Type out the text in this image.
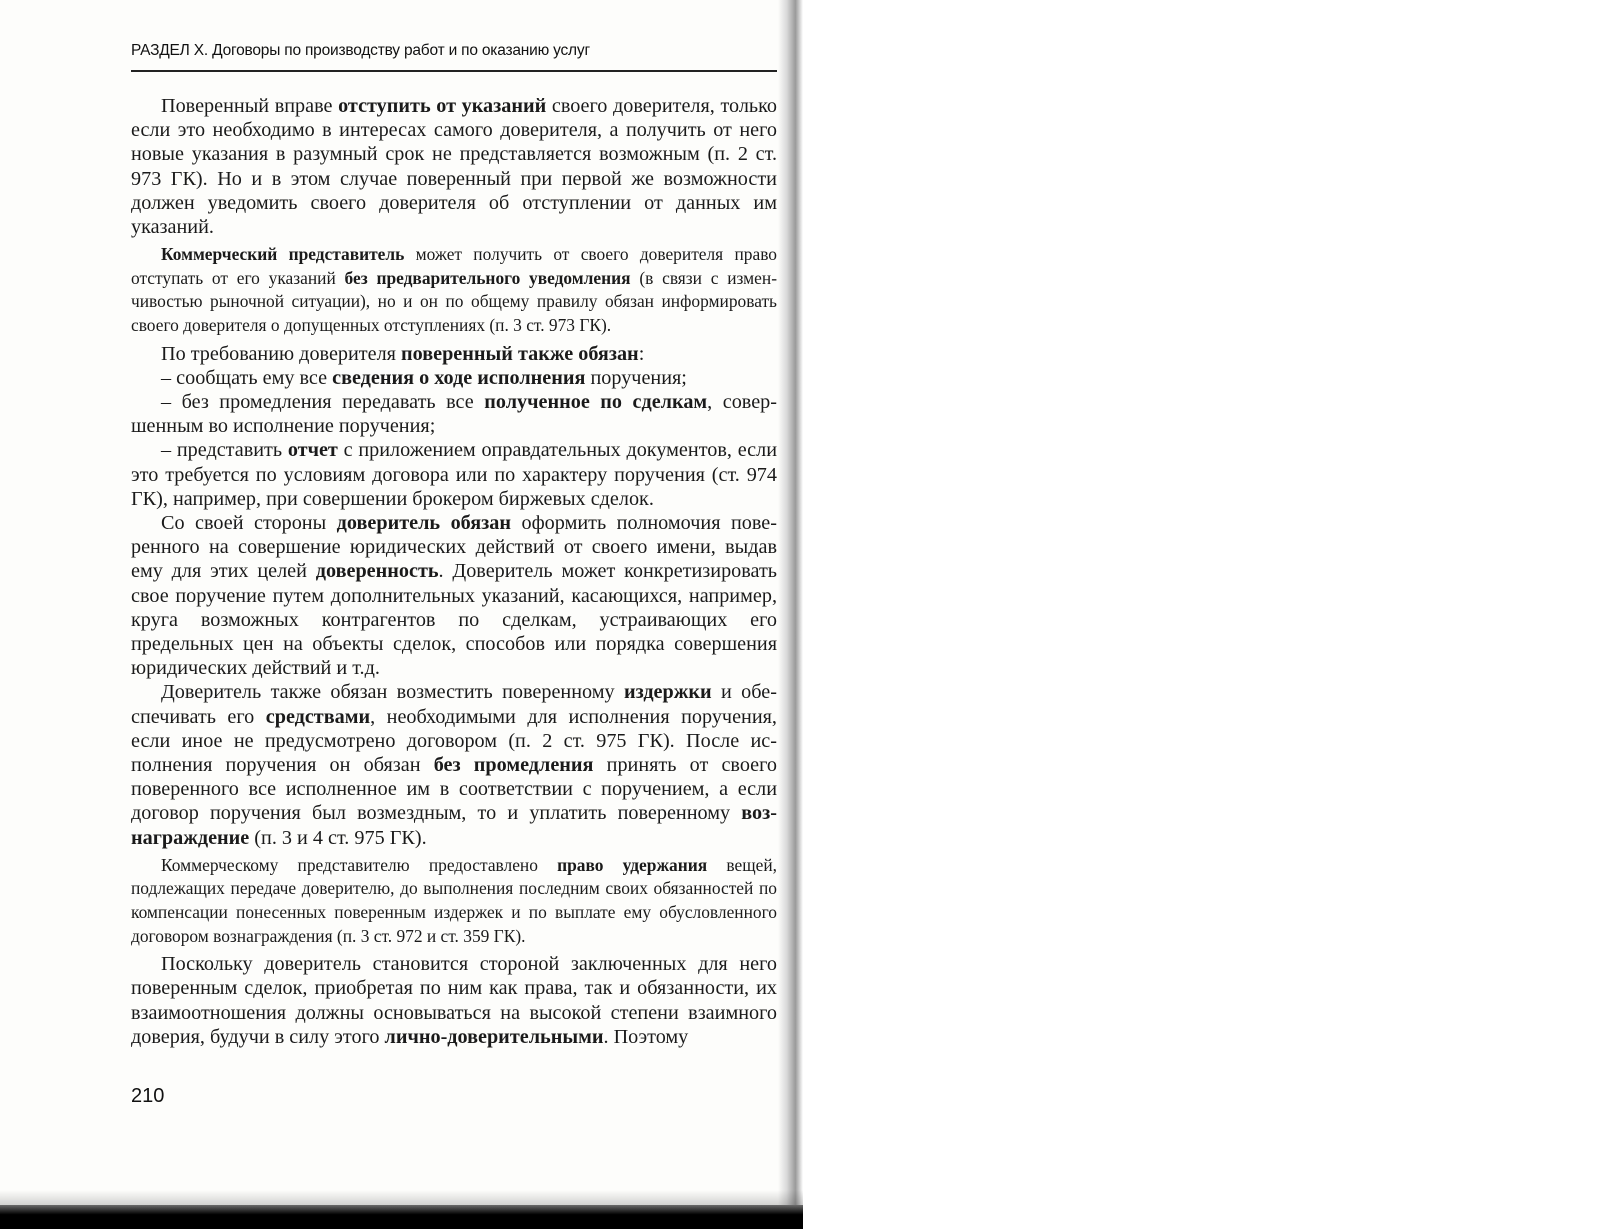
РАЗДЕЛ Х. Договоры по производству работ и по оказанию услуг

Поверенный вправе отступить от указаний своего доверителя, только если это необходимо в интересах самого доверителя, а получить от него новые указания в разумный срок не представляется возможным (п. 2 ст. 973 ГК). Но и в этом случае поверенный при первой же возможности должен уведомить своего доверителя об отступлении от данных им указаний.

Коммерческий представитель может получить от своего доверителя право отступать от его указаний без предварительного уведомления (в связи с изменчивостью рыночной ситуации), но и он по общему правилу обязан информировать своего доверителя о допущенных отступлениях (п. 3 ст. 973 ГК).

По требованию доверителя поверенный также обязан:

– сообщать ему все сведения о ходе исполнения поручения;

– без промедления передавать все полученное по сделкам, совершенным во исполнение поручения;

– представить отчет с приложением оправдательных документов, если это требуется по условиям договора или по характеру поручения (ст. 974 ГК), например, при совершении брокером биржевых сделок.

Со своей стороны доверитель обязан оформить полномочия поверенного на совершение юридических действий от своего имени, выдав ему для этих целей доверенность. Доверитель может конкретизировать свое поручение путем дополнительных указаний, касающихся, например, круга возможных контрагентов по сделкам, устраивающих его предельных цен на объекты сделок, способов или порядка совершения юридических действий и т.д.

Доверитель также обязан возместить поверенному издержки и обеспечивать его средствами, необходимыми для исполнения поручения, если иное не предусмотрено договором (п. 2 ст. 975 ГК). После исполнения поручения он обязан без промедления принять от своего поверенного все исполненное им в соответствии с поручением, а если договор поручения был возмездным, то и уплатить поверенному вознаграждение (п. 3 и 4 ст. 975 ГК).

Коммерческому представителю предоставлено право удержания вещей, подлежащих передаче доверителю, до выполнения последним своих обязанностей по компенсации понесенных поверенным издержек и по выплате ему обусловленного договором вознаграждения (п. 3 ст. 972 и ст. 359 ГК).

Поскольку доверитель становится стороной заключенных для него поверенным сделок, приобретая по ним как права, так и обязанности, их взаимоотношения должны основываться на высокой степени взаимного доверия, будучи в силу этого лично-доверительными. Поэтому

210
